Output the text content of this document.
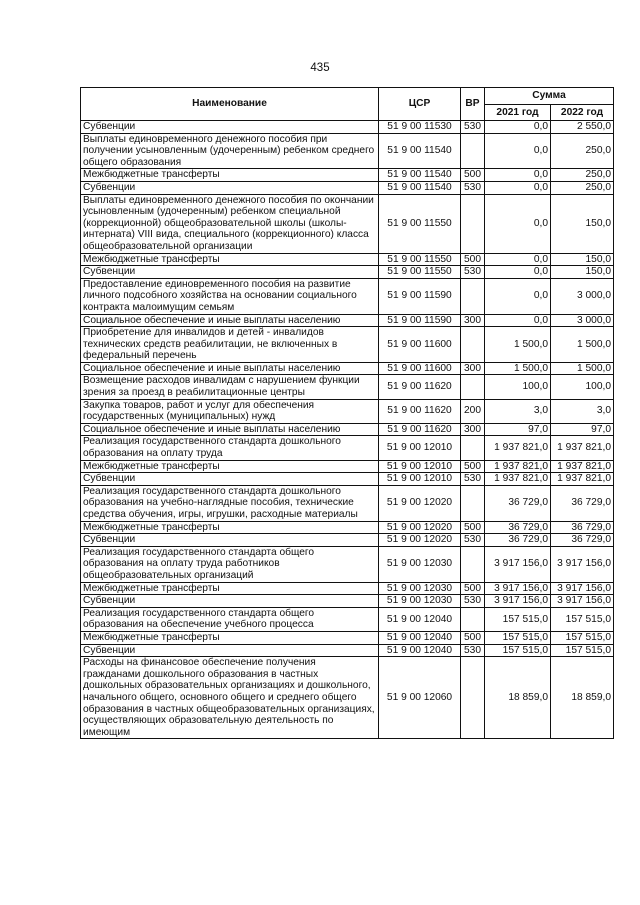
435
Наименование	ЦСР	ВР	Сумма	
			2021 год	2022 год
Субвенции	51 9 00 11530	530	0,0	2 550,0
Выплаты единовременного денежного пособия при получении усыновленным (удочеренным) ребенком среднего общего образования	51 9 00 11540		0,0	250,0
Межбюджетные трансферты	51 9 00 11540	500	0,0	250,0
Субвенции	51 9 00 11540	530	0,0	250,0
Выплаты единовременного денежного пособия по окончании усыновленным (удочеренным) ребенком специальной (коррекционной) общеобразовательной школы (школы-интерната) VIII вида, специального (коррекционного) класса общеобразовательной организации	51 9 00 11550		0,0	150,0
Межбюджетные трансферты	51 9 00 11550	500	0,0	150,0
Субвенции	51 9 00 11550	530	0,0	150,0
Предоставление единовременного пособия на развитие личного подсобного хозяйства на основании социального контракта малоимущим семьям	51 9 00 11590		0,0	3 000,0
Социальное обеспечение и иные выплаты населению	51 9 00 11590	300	0,0	3 000,0
Приобретение для инвалидов и детей - инвалидов технических средств реабилитации, не включенных в федеральный перечень	51 9 00 11600		1 500,0	1 500,0
Социальное обеспечение и иные выплаты населению	51 9 00 11600	300	1 500,0	1 500,0
Возмещение расходов инвалидам с нарушением функции зрения за проезд в реабилитационные центры	51 9 00 11620		100,0	100,0
Закупка товаров, работ и услуг для обеспечения государственных (муниципальных) нужд	51 9 00 11620	200	3,0	3,0
Социальное обеспечение и иные выплаты населению	51 9 00 11620	300	97,0	97,0
Реализация государственного стандарта дошкольного образования на оплату труда	51 9 00 12010		1 937 821,0	1 937 821,0
Межбюджетные трансферты	51 9 00 12010	500	1 937 821,0	1 937 821,0
Субвенции	51 9 00 12010	530	1 937 821,0	1 937 821,0
Реализация государственного стандарта дошкольного образования на учебно-наглядные пособия, технические средства обучения, игры, игрушки, расходные материалы	51 9 00 12020		36 729,0	36 729,0
Межбюджетные трансферты	51 9 00 12020	500	36 729,0	36 729,0
Субвенции	51 9 00 12020	530	36 729,0	36 729,0
Реализация государственного стандарта общего образования на оплату труда работников общеобразовательных организаций	51 9 00 12030		3 917 156,0	3 917 156,0
Межбюджетные трансферты	51 9 00 12030	500	3 917 156,0	3 917 156,0
Субвенции	51 9 00 12030	530	3 917 156,0	3 917 156,0
Реализация государственного стандарта общего образования на обеспечение учебного процесса	51 9 00 12040		157 515,0	157 515,0
Межбюджетные трансферты	51 9 00 12040	500	157 515,0	157 515,0
Субвенции	51 9 00 12040	530	157 515,0	157 515,0
Расходы на финансовое обеспечение получения гражданами дошкольного образования в частных дошкольных образовательных организациях и дошкольного, начального общего, основного общего и среднего общего образования в частных общеобразовательных организациях, осуществляющих образовательную деятельность по имеющим	51 9 00 12060		18 859,0	18 859,0
